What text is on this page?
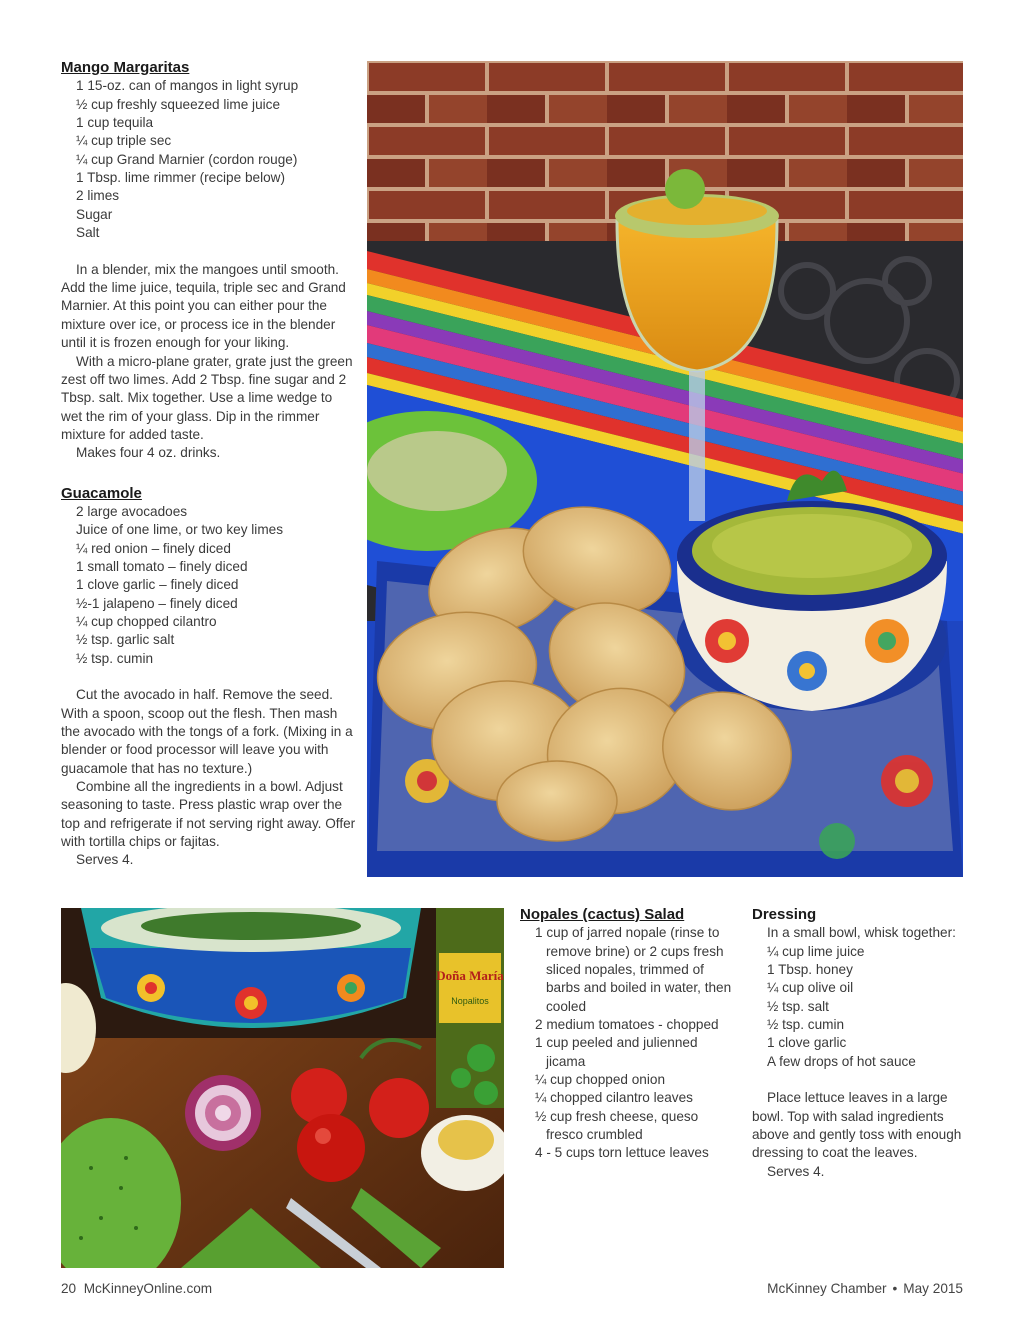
Mango Margaritas
1 15-oz. can of mangos in light syrup
½ cup freshly squeezed lime juice
1 cup tequila
¼ cup triple sec
¼ cup Grand Marnier (cordon rouge)
1 Tbsp. lime rimmer (recipe below)
2 limes
Sugar
Salt

In a blender, mix the mangoes until smooth. Add the lime juice, tequila, triple sec and Grand Marnier. At this point you can either pour the mixture over ice, or process ice in the blender until it is frozen enough for your liking.

With a micro-plane grater, grate just the green zest off two limes. Add 2 Tbsp. fine sugar and 2 Tbsp. salt. Mix together. Use a lime wedge to wet the rim of your glass. Dip in the rimmer mixture for added taste.

Makes four 4 oz. drinks.

Guacamole
2 large avocadoes
Juice of one lime, or two key limes
¼ red onion – finely diced
1 small tomato – finely diced
1 clove garlic – finely diced
½-1 jalapeno – finely diced
¼ cup chopped cilantro
½ tsp. garlic salt
½ tsp. cumin

Cut the avocado in half. Remove the seed. With a spoon, scoop out the flesh. Then mash the avocado with the tongs of a fork. (Mixing in a blender or food processor will leave you with guacamole that has no texture.)

Combine all the ingredients in a bowl. Adjust seasoning to taste. Press plastic wrap over the top and refrigerate if not serving right away. Offer with tortilla chips or fajitas.

Serves 4.

Doña María
Nopalitos
Nopales (cactus) Salad
1 cup of jarred nopale (rinse to remove brine) or 2 cups fresh sliced nopales, trimmed of barbs and boiled in water, then cooled
2 medium tomatoes - chopped
1 cup peeled and julienned jicama
¼ cup chopped onion
¼ chopped cilantro leaves
½ cup fresh cheese, queso fresco crumbled
4 - 5 cups torn lettuce leaves
Dressing
In a small bowl, whisk together:
¼ cup lime juice
1 Tbsp. honey
¼ cup olive oil
½ tsp. salt
½ tsp. cumin
1 clove garlic
A few drops of hot sauce

Place lettuce leaves in a large bowl. Top with salad ingredients above and gently toss with enough dressing to coat the leaves.

Serves 4.

20 McKinneyOnline.com	McKinney Chamber • May 2015
